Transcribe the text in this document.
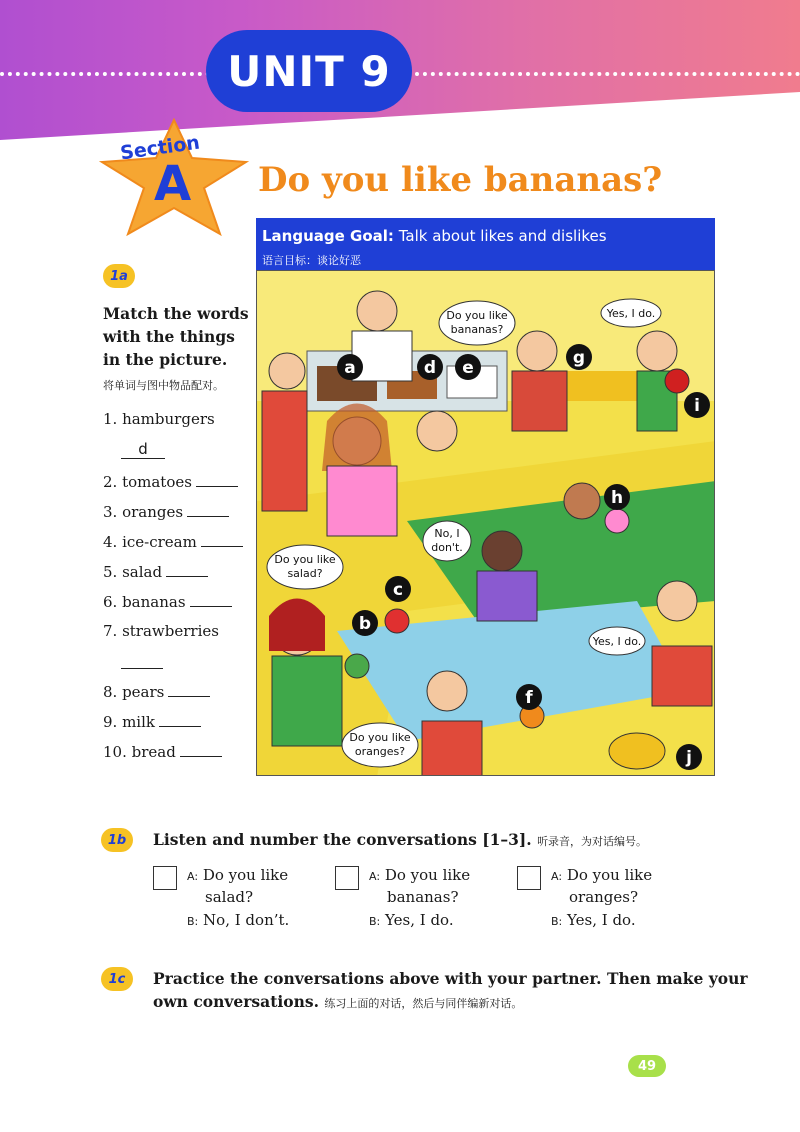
UNIT 9
Section
A Do you like bananas?
Language Goal: Talk about likes and dislikes
语言目标：谈论好恶
Do you like
bananas?
Yes, I do.
No, I
don't.
Do you like
salad?
Yes, I do.
Do you like
oranges?
a
b
c
d e
f
g
h
i
j
1a
Match the words with the things in the picture.
将单词与图中物品配对。
1. hamburgers
2. tomatoes
3. oranges
4. ice-cream
5. salad
6. bananas
7. strawberries
8. pears
9. milk
10. bread
d
1b	Listen and number the conversations [1–3]. 听录音，为对话编号。
A: Do you like
salad?
B: No, I don’t.
A: Do you like
bananas?
B: Yes, I do.
A: Do you like
oranges?
B: Yes, I do.
1c	Practice the conversations above with your partner. Then make your
own conversations. 练习上面的对话，然后与同伴编新对话。
49
